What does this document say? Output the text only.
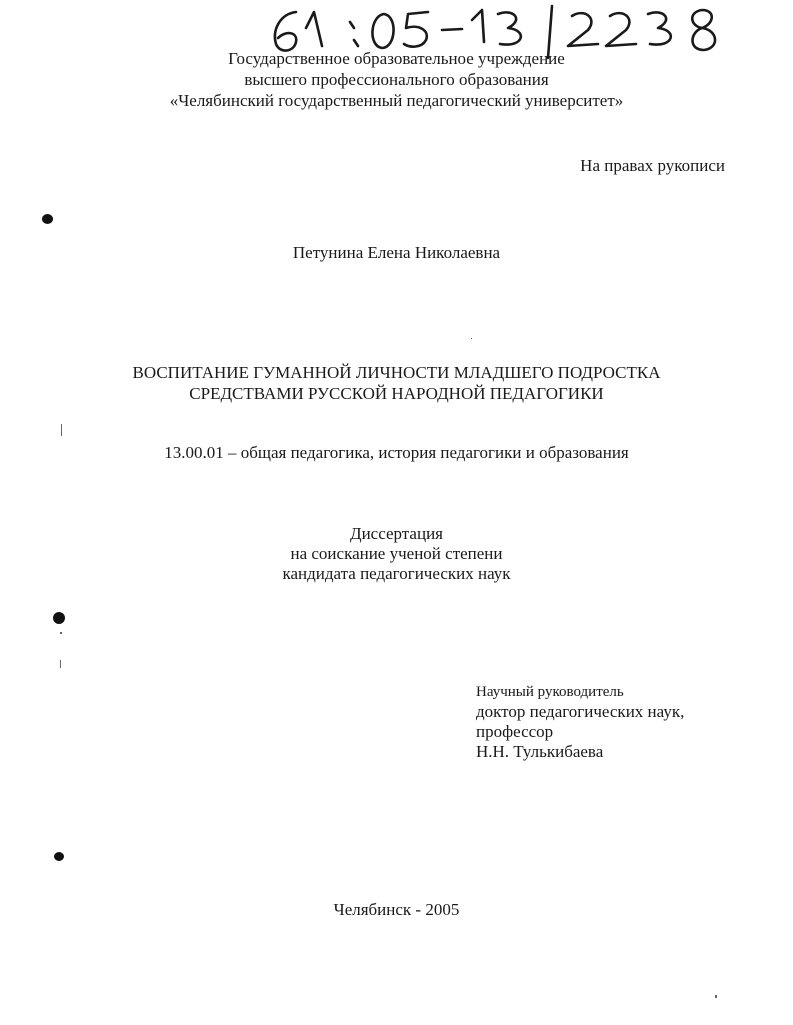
Государственное образовательное учреждение
высшего профессионального образования
«Челябинский государственный педагогический университет»
На правах рукописи
Петунина Елена Николаевна
ВОСПИТАНИЕ ГУМАННОЙ ЛИЧНОСТИ МЛАДШЕГО ПОДРОСТКА
СРЕДСТВАМИ РУССКОЙ НАРОДНОЙ ПЕДАГОГИКИ
13.00.01 – общая педагогика, история педагогики и образования
Диссертация
на соискание ученой степени
кандидата педагогических наук
Научный руководитель
доктор педагогических наук,
профессор
Н.Н. Тулькибаева
Челябинск - 2005
